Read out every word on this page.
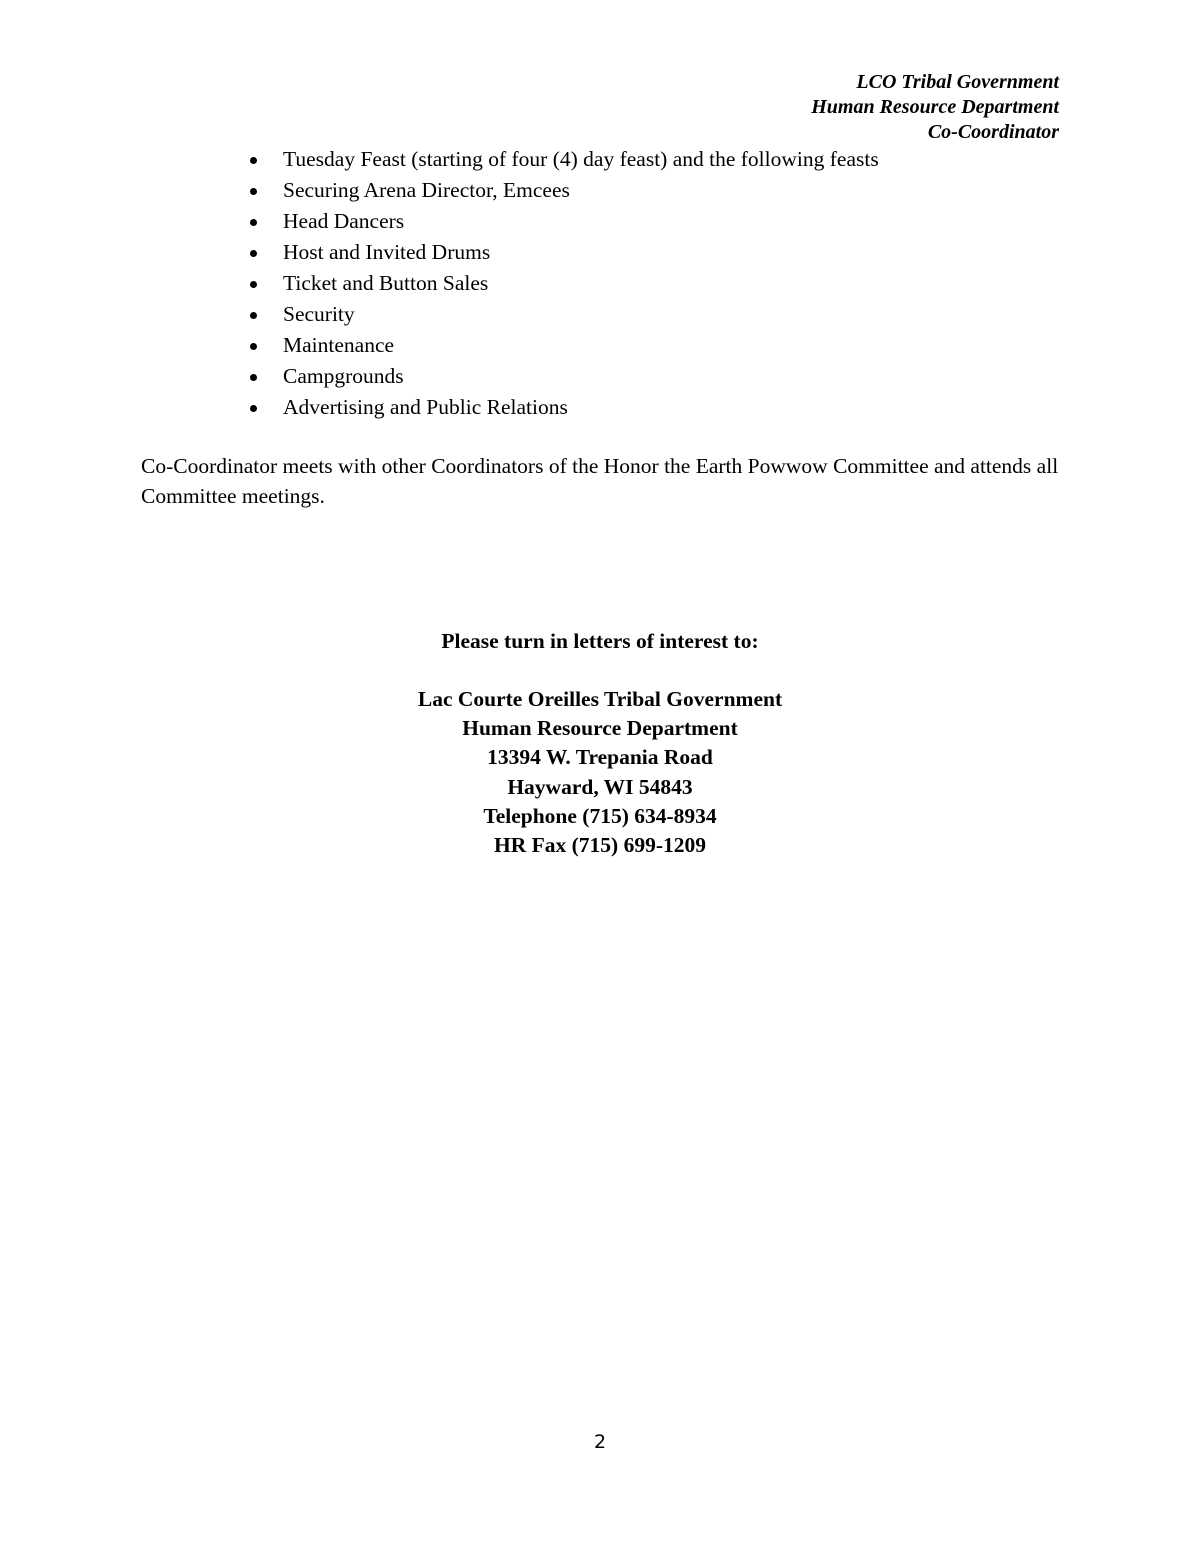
LCO Tribal Government
Human Resource Department
Co-Coordinator
Tuesday Feast (starting of four (4) day feast) and the following feasts
Securing Arena Director, Emcees
Head Dancers
Host and Invited Drums
Ticket and Button Sales
Security
Maintenance
Campgrounds
Advertising and Public Relations

Co-Coordinator meets with other Coordinators of the Honor the Earth Powwow Committee and attends all Committee meetings.

Please turn in letters of interest to:
Lac Courte Oreilles Tribal Government
Human Resource Department
13394 W. Trepania Road
Hayward, WI 54843
Telephone (715) 634-8934
HR Fax (715) 699-1209
2
